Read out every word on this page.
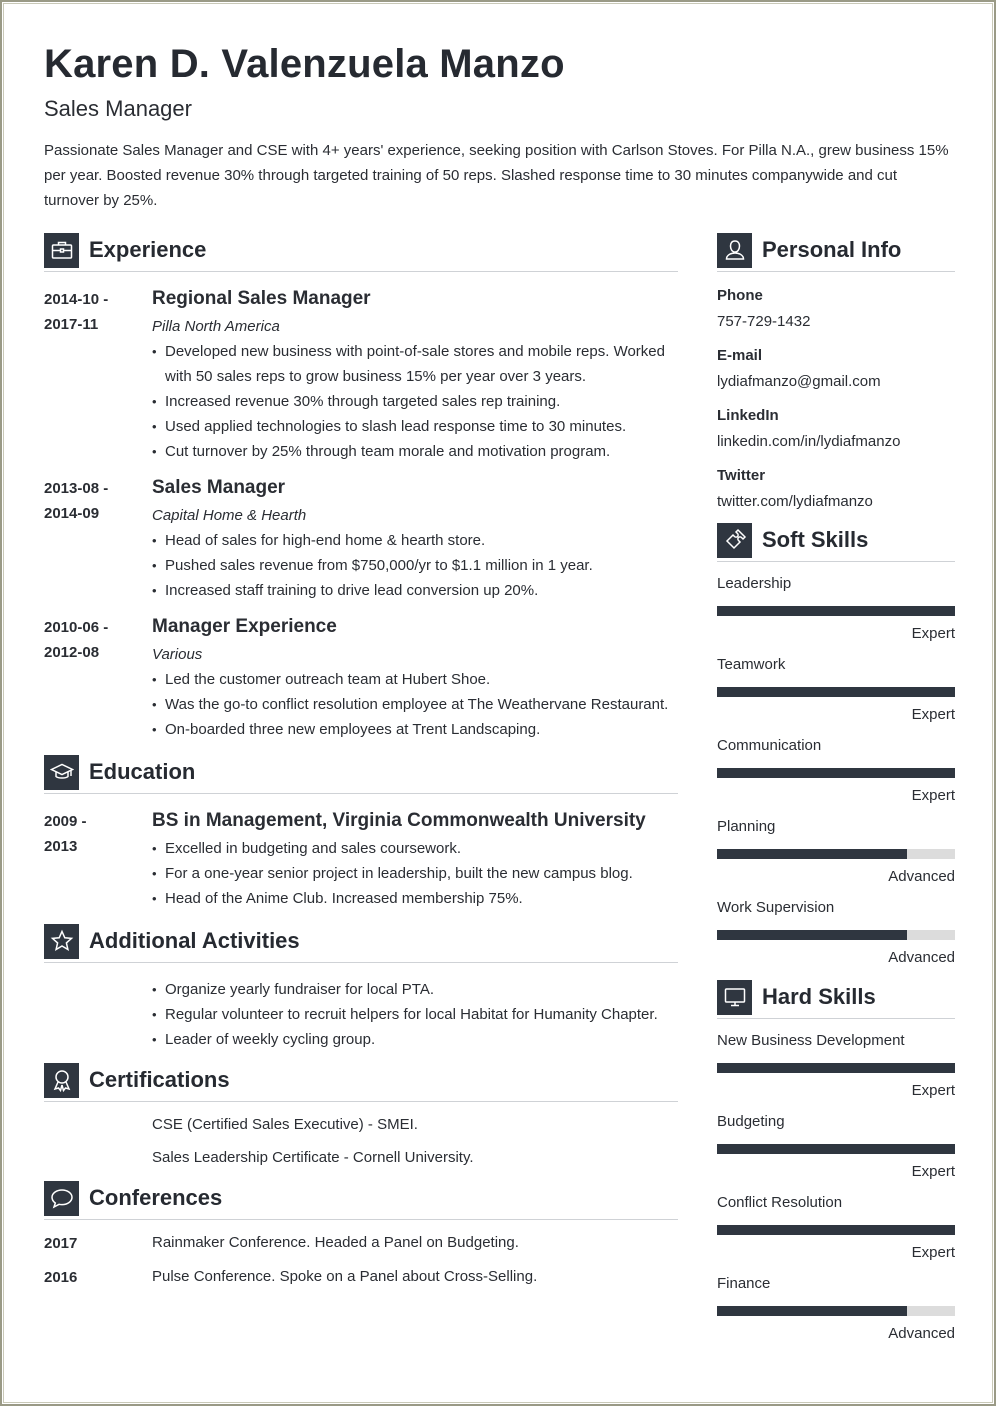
Karen D. Valenzuela Manzo
Sales Manager
Passionate Sales Manager and CSE with 4+ years' experience, seeking position with Carlson Stoves. For Pilla N.A., grew business 15% per year. Boosted revenue 30% through targeted training of 50 reps. Slashed response time to 30 minutes companywide and cut turnover by 25%.
Experience
2014-10 -
2017-11
Regional Sales Manager
Pilla North America
• Developed new business with point-of-sale stores and mobile reps. Worked with 50 sales reps to grow business 15% per year over 3 years.
• Increased revenue 30% through targeted sales rep training.
• Used applied technologies to slash lead response time to 30 minutes.
• Cut turnover by 25% through team morale and motivation program.
2013-08 -
2014-09
Sales Manager
Capital Home & Hearth
• Head of sales for high-end home & hearth store.
• Pushed sales revenue from $750,000/yr to $1.1 million in 1 year.
• Increased staff training to drive lead conversion up 20%.
2010-06 -
2012-08
Manager Experience
Various
• Led the customer outreach team at Hubert Shoe.
• Was the go-to conflict resolution employee at The Weathervane Restaurant.
• On-boarded three new employees at Trent Landscaping.
Education
2009 -
2013
BS in Management, Virginia Commonwealth University
• Excelled in budgeting and sales coursework.
• For a one-year senior project in leadership, built the new campus blog.
• Head of the Anime Club. Increased membership 75%.
Additional Activities
• Organize yearly fundraiser for local PTA.
• Regular volunteer to recruit helpers for local Habitat for Humanity Chapter.
• Leader of weekly cycling group.
Certifications
CSE (Certified Sales Executive) - SMEI.
Sales Leadership Certificate - Cornell University.
Conferences
2017	Rainmaker Conference. Headed a Panel on Budgeting.
2016	Pulse Conference. Spoke on a Panel about Cross-Selling.
Personal Info
Phone
757-729-1432
E-mail
lydiafmanzo@gmail.com
LinkedIn
linkedin.com/in/lydiafmanzo
Twitter
twitter.com/lydiafmanzo
Soft Skills
Leadership
Expert
Teamwork
Expert
Communication
Expert
Planning
Advanced
Work Supervision
Advanced
Hard Skills
New Business Development
Expert
Budgeting
Expert
Conflict Resolution
Expert
Finance
Advanced
